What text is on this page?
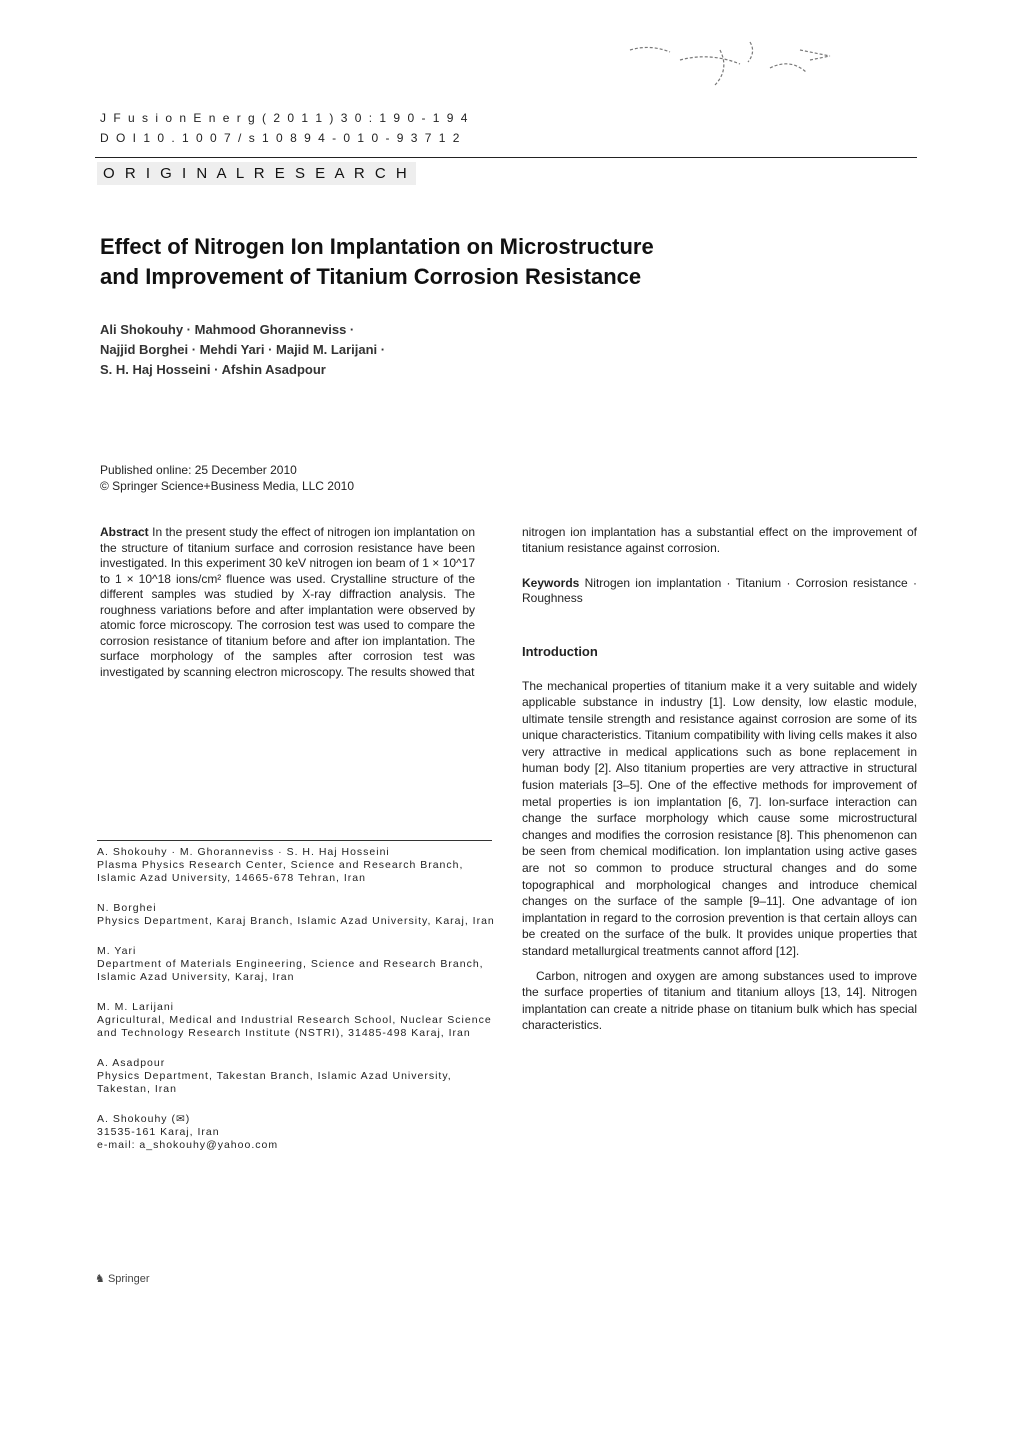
J F u s i o n E n e r g ( 2 0 1 1 ) 3 0 : 1 9 0 - 1 9 4
D O I 1 0 . 1 0 0 7 / s 1 0 8 9 4 - 0 1 0 - 9 3 7 1 2
O R I G I N A L R E S E A R C H
Effect of Nitrogen Ion Implantation on Microstructure
and Improvement of Titanium Corrosion Resistance
Ali Shokouhy · Mahmood Ghoranneviss ·
Najjid Borghei · Mehdi Yari · Majid M. Larijani ·
S. H. Haj Hosseini · Afshin Asadpour
Published online: 25 December 2010
© Springer Science+Business Media, LLC 2010
Abstract In the present study the effect of nitrogen ion implantation on the structure of titanium surface and corrosion resistance have been investigated. In this experiment 30 keV nitrogen ion beam of 1 × 10^17 to 1 × 10^18 ions/cm² fluence was used. Crystalline structure of the different samples was studied by X-ray diffraction analysis. The roughness variations before and after implantation were observed by atomic force microscopy. The corrosion test was used to compare the corrosion resistance of titanium before and after ion implantation. The surface morphology of the samples after corrosion test was investigated by scanning electron microscopy. The results showed that

A. Shokouhy · M. Ghoranneviss · S. H. Haj Hosseini
Plasma Physics Research Center, Science and Research Branch, Islamic Azad University, 14665-678 Tehran, Iran

N. Borghei
Physics Department, Karaj Branch, Islamic Azad University, Karaj, Iran

M. Yari
Department of Materials Engineering, Science and Research Branch, Islamic Azad University, Karaj, Iran

M. M. Larijani
Agricultural, Medical and Industrial Research School, Nuclear Science and Technology Research Institute (NSTRI), 31485-498 Karaj, Iran

A. Asadpour
Physics Department, Takestan Branch, Islamic Azad University, Takestan, Iran

A. Shokouhy (✉)
31535-161 Karaj, Iran
e-mail: a_shokouhy@yahoo.com

nitrogen ion implantation has a substantial effect on the improvement of titanium resistance against corrosion.

Keywords Nitrogen ion implantation · Titanium · Corrosion resistance · Roughness

Introduction

The mechanical properties of titanium make it a very suitable and widely applicable substance in industry [1]. Low density, low elastic module, ultimate tensile strength and resistance against corrosion are some of its unique characteristics. Titanium compatibility with living cells makes it also very attractive in medical applications such as bone replacement in human body [2]. Also titanium properties are very attractive in structural fusion materials [3–5]. One of the effective methods for improvement of metal properties is ion implantation [6, 7]. Ion-surface interaction can change the surface morphology which cause some microstructural changes and modifies the corrosion resistance [8]. This phenomenon can be seen from chemical modification. Ion implantation using active gases are not so common to produce structural changes and do some topographical and morphological changes and introduce chemical changes on the surface of the sample [9–11]. One advantage of ion implantation in regard to the corrosion prevention is that certain alloys can be created on the surface of the bulk. It provides unique properties that standard metallurgical treatments cannot afford [12].

Carbon, nitrogen and oxygen are among substances used to improve the surface properties of titanium and titanium alloys [13, 14]. Nitrogen implantation can create a nitride phase on titanium bulk which has special characteristics.

♞ Springer
